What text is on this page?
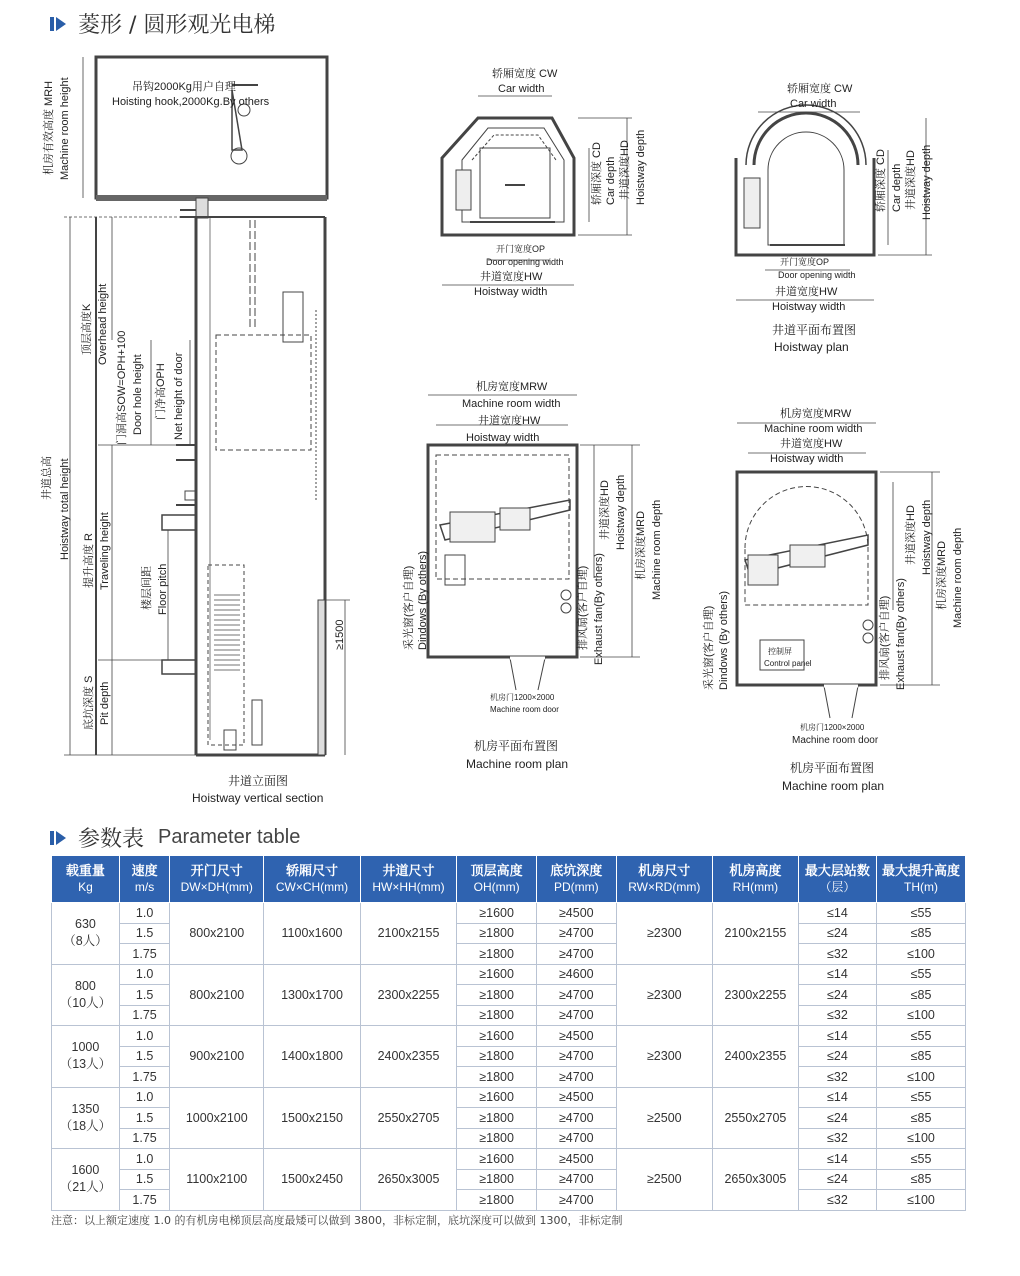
菱形 / 圆形观光电梯
吊钩2000Kg用户自理
Hoisting hook,2000Kg.By others
机房有效高度 MRH Machine room height
顶层高度K Overhead height
门洞高SOW=OPH+100 Door hole height 门净高OPH Net height of door
井道总高 Hoistway total height
提升高度 R Traveling height	楼层间距 Floor pitch
底坑深度 S Pit depth
≥1500
井道立面图
Hoistway vertical section
轿厢宽度 CW
Car width
轿厢深度 CD Car depth 井道深度HD Hoistway depth
开门宽度OP
Door opening width
井道宽度HW
Hoistway width
轿厢宽度 CW
Car width
轿厢深度 CD Car depth 井道深度HD Hoistway depth
开门宽度OP
Door opening width
井道宽度HW
Hoistway width
井道平面布置图
Hoistway plan
机房宽度MRW
Machine room width
井道宽度HW
Hoistway width
井道深度HD Hoistway depth 机房深度MRD Machine room depth
采光窗(客户自理) Dindows (By others)	排风扇(客户自理) Exhaust fan(By others)
机房门1200×2000
Machine room door
机房平面布置图
Machine room plan
机房宽度MRW
Machine room width
井道宽度HW
Hoistway width
井道深度HD Hoistway depth
机房深度MRD Machine room depth
采光窗(客户自理) Dindows (By others)	排风扇(客户自理) Exhaust fan(By others)
控制屏
Control panel
机房门1200×2000
Machine room door
机房平面布置图
Machine room plan
参数表 Parameter table
载重量
Kg	速度
m/s	开门尺寸
DW×DH(mm)	轿厢尺寸
CW×CH(mm)	井道尺寸
HW×HH(mm)	顶层高度
OH(mm)	底坑深度
PD(mm)	机房尺寸
RW×RD(mm)	机房高度
RH(mm)	最大层站数
（层）	最大提升高度
TH(m)

630
（8人）	1.0	800x2100	1100x1600	2100x2155	≥1600	≥4500	≥2300	2100x2155	≤14	≤55
	1.5				≥1800	≥4700			≤24	≤85
	1.75				≥1800	≥4700			≤32	≤100

800
（10人）	1.0	800x2100	1300x1700	2300x2255	≥1600	≥4600	≥2300	2300x2255	≤14	≤55
	1.5				≥1800	≥4700			≤24	≤85
	1.75				≥1800	≥4700			≤32	≤100

1000
（13人）	1.0	900x2100	1400x1800	2400x2355	≥1600	≥4500	≥2300	2400x2355	≤14	≤55
	1.5				≥1800	≥4700			≤24	≤85
	1.75				≥1800	≥4700			≤32	≤100

1350
（18人）	1.0	1000x2100	1500x2150	2550x2705	≥1600	≥4500	≥2500	2550x2705	≤14	≤55
	1.5				≥1800	≥4700			≤24	≤85
	1.75				≥1800	≥4700			≤32	≤100

1600
（21人）	1.0	1100x2100	1500x2450	2650x3005	≥1600	≥4500	≥2500	2650x3005	≤14	≤55
	1.5				≥1800	≥4700			≤24	≤85
	1.75				≥1800	≥4700			≤32	≤100
注意：以上额定速度 1.0 的有机房电梯顶层高度最矮可以做到 3800，非标定制，底坑深度可以做到 1300，非标定制
